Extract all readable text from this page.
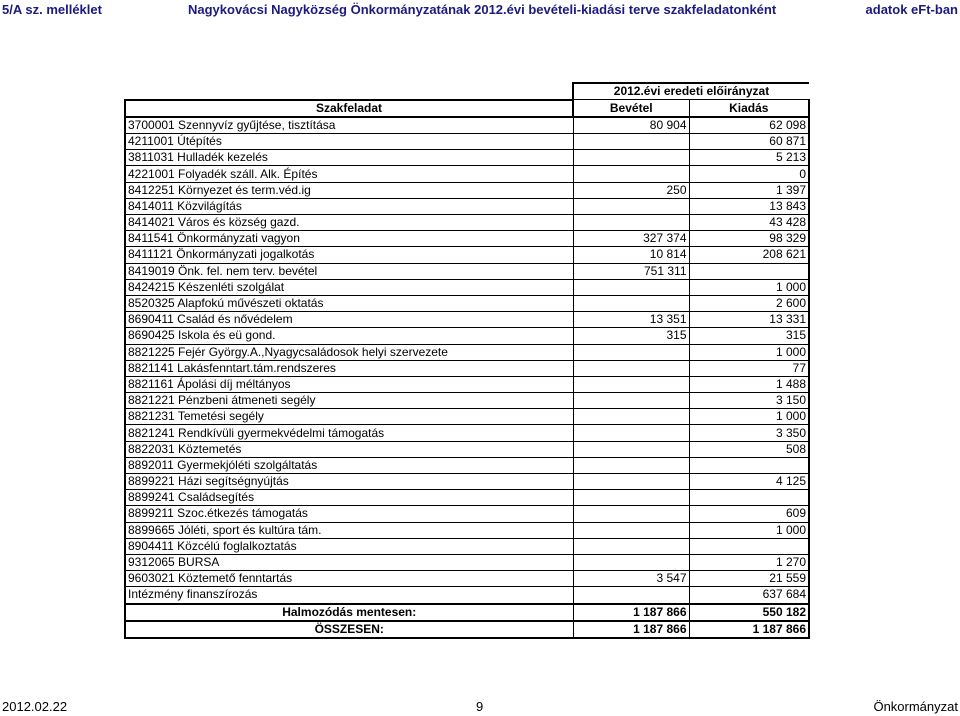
5/A sz. melléklet	Nagykovácsi Nagyközség Önkormányzatának 2012.évi bevételi-kiadási terve szakfeladatonként	adatok eFt-ban
	2012.évi eredeti előirányzat	
Szakfeladat	Bevétel	Kiadás
3700001 Szennyvíz gyűjtése, tisztítása	80 904	62 098
4211001 Útépítés		60 871
3811031 Hulladék kezelés		5 213
4221001 Folyadék száll. Alk. Építés		0
8412251 Környezet és term.véd.ig	250	1 397
8414011 Közvilágítás		13 843
8414021 Város és község gazd.		43 428
8411541 Önkormányzati vagyon	327 374	98 329
8411121 Önkormányzati jogalkotás	10 814	208 621
8419019 Önk. fel. nem terv. bevétel	751 311	
8424215 Készenléti szolgálat		1 000
8520325 Alapfokú művészeti oktatás		2 600
8690411 Család és nővédelem	13 351	13 331
8690425 Iskola és eü gond.	315	315
8821225 Fejér György.A.,Nyagycsaládosok helyi szervezete		1 000
8821141 Lakásfenntart.tám.rendszeres		77
8821161 Ápolási díj méltányos		1 488
8821221 Pénzbeni átmeneti segély		3 150
8821231 Temetési segély		1 000
8821241 Rendkívüli gyermekvédelmi támogatás		3 350
8822031 Köztemetés		508
8892011 Gyermekjóléti szolgáltatás		
8899221 Házi segítségnyújtás		4 125
8899241 Családsegítés		
8899211 Szoc.étkezés támogatás		609
8899665 Jóléti, sport és kultúra tám.		1 000
8904411 Közcélú foglalkoztatás		
9312065 BURSA		1 270
9603021 Köztemető fenntartás	3 547	21 559
Intézmény finanszírozás		637 684
Halmozódás mentesen:	1 187 866	550 182
ÖSSZESEN:	1 187 866	1 187 866
2012.02.22	9	Önkormányzat
